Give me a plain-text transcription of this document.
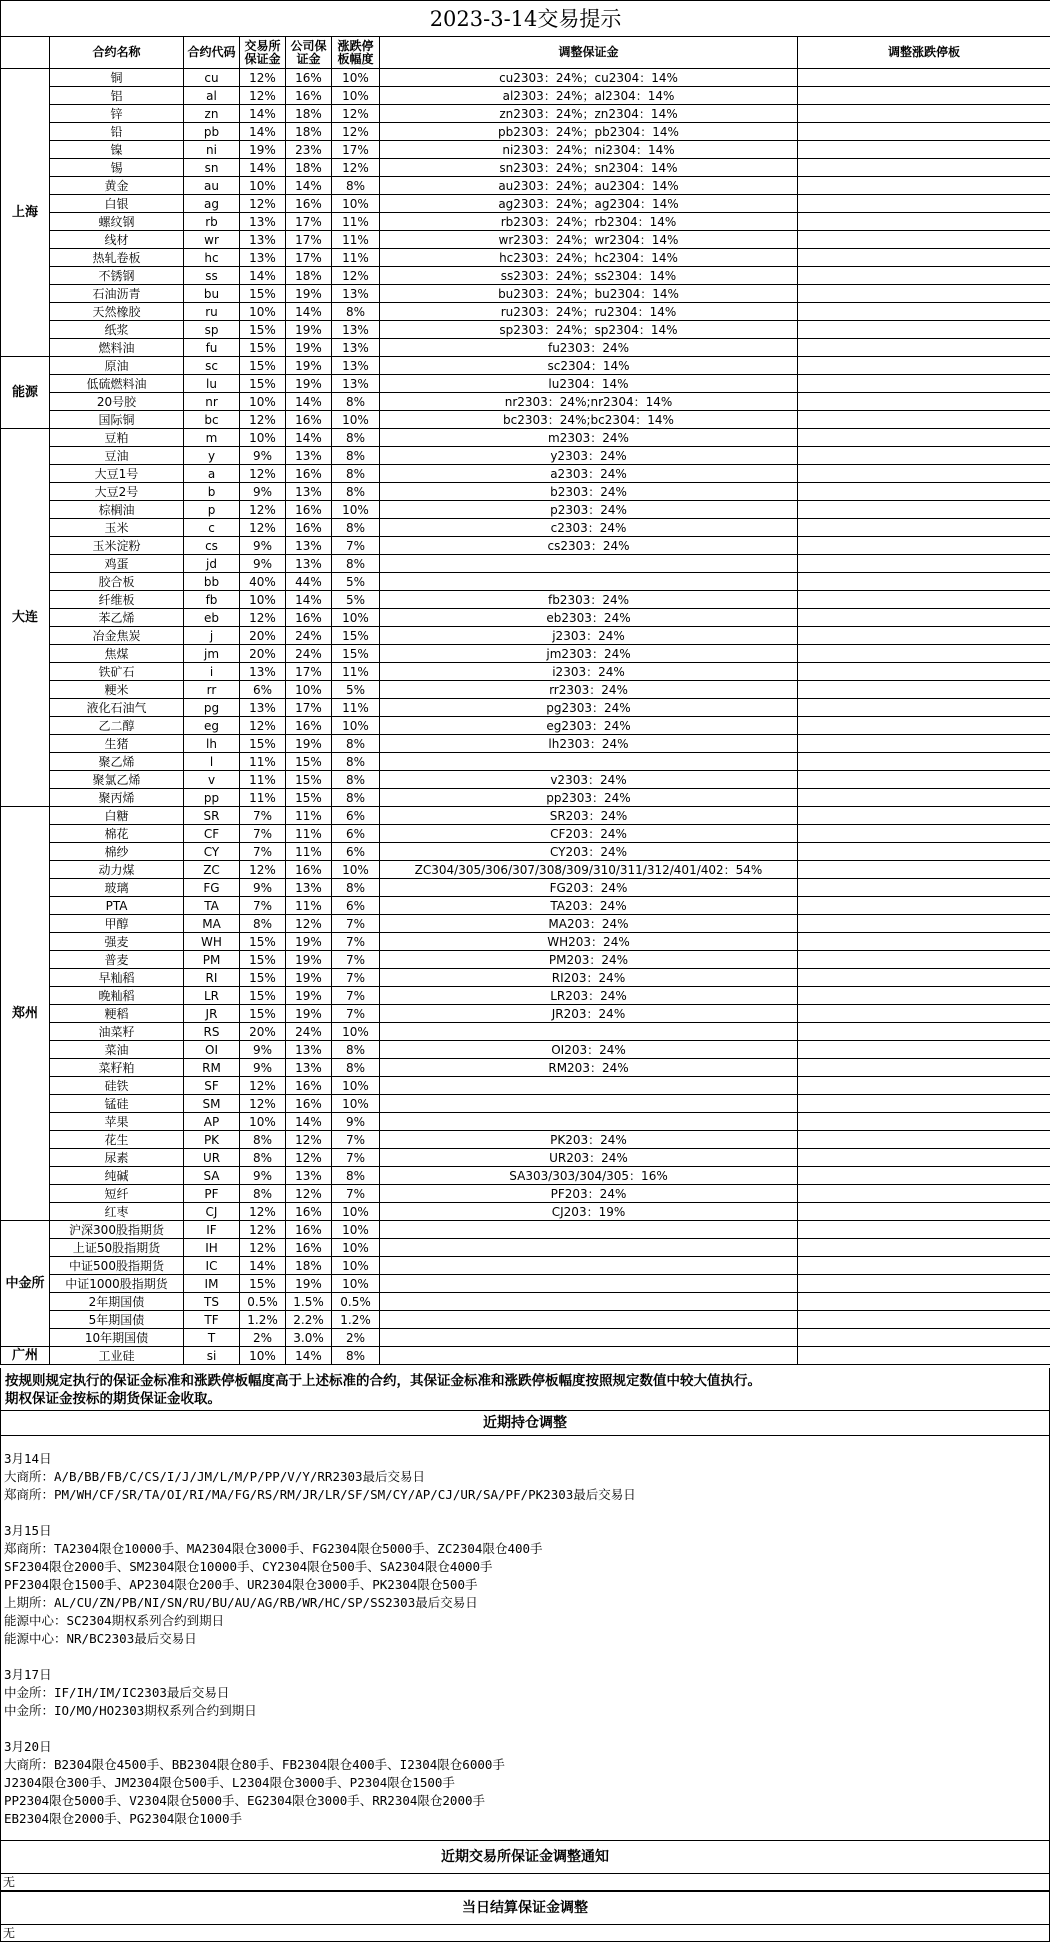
2023-3-14交易提示							
	合约名称	合约代码	交易所保证金	公司保证金	涨跌停板幅度	调整保证金	调整涨跌停板
上海	铜	cu	12%	16%	10%	cu2303：24%；cu2304：14%	
	铝	al	12%	16%	10%	al2303：24%；al2304：14%	
	锌	zn	14%	18%	12%	zn2303：24%；zn2304：14%	
	铅	pb	14%	18%	12%	pb2303：24%；pb2304：14%	
	镍	ni	19%	23%	17%	ni2303：24%；ni2304：14%	
	锡	sn	14%	18%	12%	sn2303：24%；sn2304：14%	
	黄金	au	10%	14%	8%	au2303：24%；au2304：14%	
	白银	ag	12%	16%	10%	ag2303：24%；ag2304：14%	
	螺纹钢	rb	13%	17%	11%	rb2303：24%；rb2304：14%	
	线材	wr	13%	17%	11%	wr2303：24%；wr2304：14%	
	热轧卷板	hc	13%	17%	11%	hc2303：24%；hc2304：14%	
	不锈钢	ss	14%	18%	12%	ss2303：24%；ss2304：14%	
	石油沥青	bu	15%	19%	13%	bu2303：24%；bu2304：14%	
	天然橡胶	ru	10%	14%	8%	ru2303：24%；ru2304：14%	
	纸浆	sp	15%	19%	13%	sp2303：24%；sp2304：14%	
	燃料油	fu	15%	19%	13%	fu2303：24%	
能源	原油	sc	15%	19%	13%	sc2304：14%	
	低硫燃料油	lu	15%	19%	13%	lu2304：14%	
	20号胶	nr	10%	14%	8%	nr2303：24%;nr2304：14%	
	国际铜	bc	12%	16%	10%	bc2303：24%;bc2304：14%	
大连	豆粕	m	10%	14%	8%	m2303：24%	
	豆油	y	9%	13%	8%	y2303：24%	
	大豆1号	a	12%	16%	8%	a2303：24%	
	大豆2号	b	9%	13%	8%	b2303：24%	
	棕榈油	p	12%	16%	10%	p2303：24%	
	玉米	c	12%	16%	8%	c2303：24%	
	玉米淀粉	cs	9%	13%	7%	cs2303：24%	
	鸡蛋	jd	9%	13%	8%		
	胶合板	bb	40%	44%	5%		
	纤维板	fb	10%	14%	5%	fb2303：24%	
	苯乙烯	eb	12%	16%	10%	eb2303：24%	
	冶金焦炭	j	20%	24%	15%	j2303：24%	
	焦煤	jm	20%	24%	15%	jm2303：24%	
	铁矿石	i	13%	17%	11%	i2303：24%	
	粳米	rr	6%	10%	5%	rr2303：24%	
	液化石油气	pg	13%	17%	11%	pg2303：24%	
	乙二醇	eg	12%	16%	10%	eg2303：24%	
	生猪	lh	15%	19%	8%	lh2303：24%	
	聚乙烯	l	11%	15%	8%		
	聚氯乙烯	v	11%	15%	8%	v2303：24%	
	聚丙烯	pp	11%	15%	8%	pp2303：24%	
郑州	白糖	SR	7%	11%	6%	SR203：24%	
	棉花	CF	7%	11%	6%	CF203：24%	
	棉纱	CY	7%	11%	6%	CY203：24%	
	动力煤	ZC	12%	16%	10%	ZC304/305/306/307/308/309/310/311/312/401/402：54%	
	玻璃	FG	9%	13%	8%	FG203：24%	
	PTA	TA	7%	11%	6%	TA203：24%	
	甲醇	MA	8%	12%	7%	MA203：24%	
	强麦	WH	15%	19%	7%	WH203：24%	
	普麦	PM	15%	19%	7%	PM203：24%	
	早籼稻	RI	15%	19%	7%	RI203：24%	
	晚籼稻	LR	15%	19%	7%	LR203：24%	
	粳稻	JR	15%	19%	7%	JR203：24%	
	油菜籽	RS	20%	24%	10%		
	菜油	OI	9%	13%	8%	OI203：24%	
	菜籽粕	RM	9%	13%	8%	RM203：24%	
	硅铁	SF	12%	16%	10%		
	锰硅	SM	12%	16%	10%		
	苹果	AP	10%	14%	9%		
	花生	PK	8%	12%	7%	PK203：24%	
	尿素	UR	8%	12%	7%	UR203：24%	
	纯碱	SA	9%	13%	8%	SA303/303/304/305：16%	
	短纤	PF	8%	12%	7%	PF203：24%	
	红枣	CJ	12%	16%	10%	CJ203：19%	
中金所	沪深300股指期货	IF	12%	16%	10%		
	上证50股指期货	IH	12%	16%	10%		
	中证500股指期货	IC	14%	18%	10%		
	中证1000股指期货	IM	15%	19%	10%		
	2年期国债	TS	0.5%	1.5%	0.5%		
	5年期国债	TF	1.2%	2.2%	1.2%		
	10年期国债	T	2%	3.0%	2%		
广州	工业硅	si	10%	14%	8%		
按规则规定执行的保证金标准和涨跌停板幅度高于上述标准的合约，其保证金标准和涨跌停板幅度按照规定数值中较大值执行。
期权保证金按标的期货保证金收取。
近期持仓调整
3月14日
大商所：A/B/BB/FB/C/CS/I/J/JM/L/M/P/PP/V/Y/RR2303最后交易日
郑商所：PM/WH/CF/SR/TA/OI/RI/MA/FG/RS/RM/JR/LR/SF/SM/CY/AP/CJ/UR/SA/PF/PK2303最后交易日
3月15日
郑商所：TA2304限仓10000手、MA2304限仓3000手、FG2304限仓5000手、ZC2304限仓400手
SF2304限仓2000手、SM2304限仓10000手、CY2304限仓500手、SA2304限仓4000手
PF2304限仓1500手、AP2304限仓200手、UR2304限仓3000手、PK2304限仓500手
上期所：AL/CU/ZN/PB/NI/SN/RU/BU/AU/AG/RB/WR/HC/SP/SS2303最后交易日
能源中心：SC2304期权系列合约到期日
能源中心：NR/BC2303最后交易日
3月17日
中金所：IF/IH/IM/IC2303最后交易日
中金所：IO/MO/HO2303期权系列合约到期日
3月20日
大商所：B2304限仓4500手、BB2304限仓80手、FB2304限仓400手、I2304限仓6000手
J2304限仓300手、JM2304限仓500手、L2304限仓3000手、P2304限仓1500手
PP2304限仓5000手、V2304限仓5000手、EG2304限仓3000手、RR2304限仓2000手
EB2304限仓2000手、PG2304限仓1000手
近期交易所保证金调整通知
无
当日结算保证金调整
无
